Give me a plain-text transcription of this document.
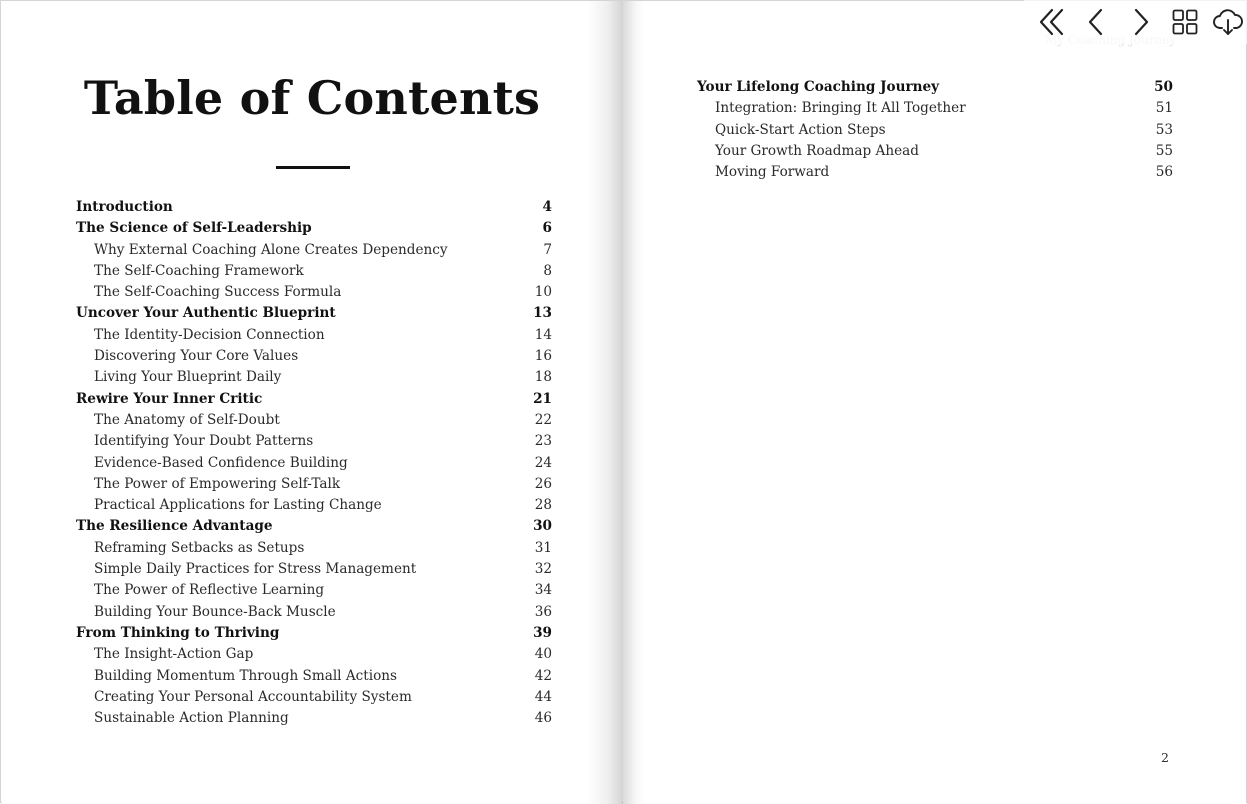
Table of Contents
Introduction	4
The Science of Self-Leadership	6
Why External Coaching Alone Creates Dependency	7
The Self-Coaching Framework	8
The Self-Coaching Success Formula	10
Uncover Your Authentic Blueprint	13
The Identity-Decision Connection	14
Discovering Your Core Values	16
Living Your Blueprint Daily	18
Rewire Your Inner Critic	21
The Anatomy of Self-Doubt	22
Identifying Your Doubt Patterns	23
Evidence-Based Confidence Building	24
The Power of Empowering Self-Talk	26
Practical Applications for Lasting Change	28
The Resilience Advantage	30
Reframing Setbacks as Setups	31
Simple Daily Practices for Stress Management	32
The Power of Reflective Learning	34
Building Your Bounce-Back Muscle	36
From Thinking to Thriving	39
The Insight-Action Gap	40
Building Momentum Through Small Actions	42
Creating Your Personal Accountability System	44
Sustainable Action Planning	46
Your Lifelong Coaching Journey	50
Integration: Bringing It All Together	51
Quick-Start Action Steps	53
Your Growth Roadmap Ahead	55
Moving Forward	56
2
